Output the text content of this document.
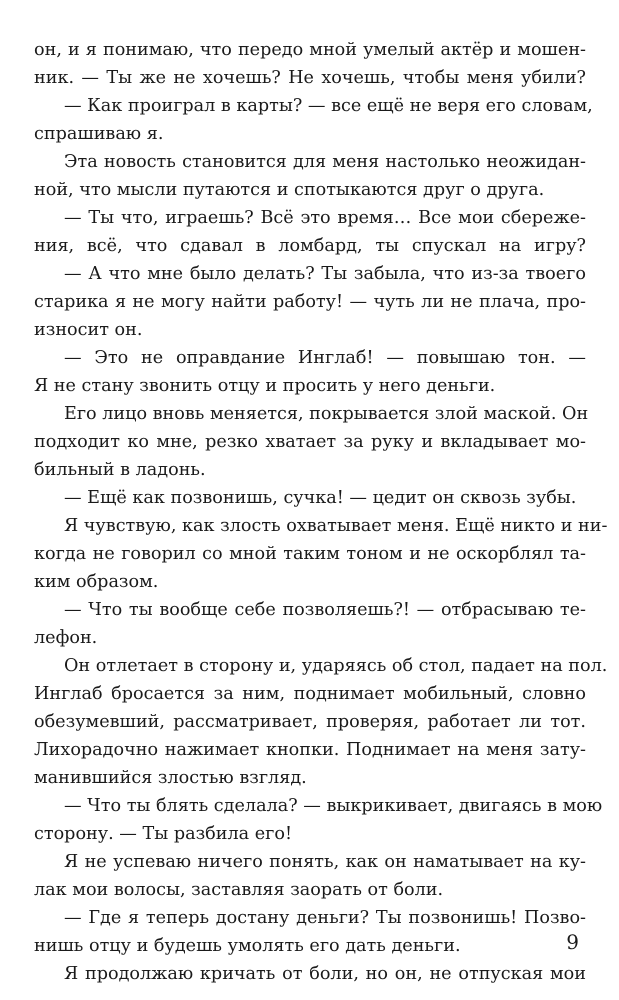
он, и я понимаю, что передо мной умелый актёр и мошен-
ник. — Ты же не хочешь? Не хочешь, чтобы меня убили?
— Как проиграл в карты? — все ещё не веря его словам,
спрашиваю я.
Эта новость становится для меня настолько неожидан-
ной, что мысли путаются и спотыкаются друг о друга.
— Ты что, играешь? Всё это время… Все мои сбереже-
ния, всё, что сдавал в ломбард, ты спускал на игру?
— А что мне было делать? Ты забыла, что из-за твоего
старика я не могу найти работу! — чуть ли не плача, про-
износит он.
— Это не оправдание Инглаб! — повышаю тон. —
Я не стану звонить отцу и просить у него деньги.
Его лицо вновь меняется, покрывается злой маской. Он
подходит ко мне, резко хватает за руку и вкладывает мо-
бильный в ладонь.
— Ещё как позвонишь, сучка! — цедит он сквозь зубы.
Я чувствую, как злость охватывает меня. Ещё никто и ни-
когда не говорил со мной таким тоном и не оскорблял та-
ким образом.
— Что ты вообще себе позволяешь?! — отбрасываю те-
лефон.
Он отлетает в сторону и, ударяясь об стол, падает на пол.
Инглаб бросается за ним, поднимает мобильный, словно
обезумевший, рассматривает, проверяя, работает ли тот.
Лихорадочно нажимает кнопки. Поднимает на меня зату-
манившийся злостью взгляд.
— Что ты блять сделала? — выкрикивает, двигаясь в мою
сторону. — Ты разбила его!
Я не успеваю ничего понять, как он наматывает на ку-
лак мои волосы, заставляя заорать от боли.
— Где я теперь достану деньги? Ты позвонишь! Позво-
нишь отцу и будешь умолять его дать деньги.
Я продолжаю кричать от боли, но он, не отпуская мои
9
